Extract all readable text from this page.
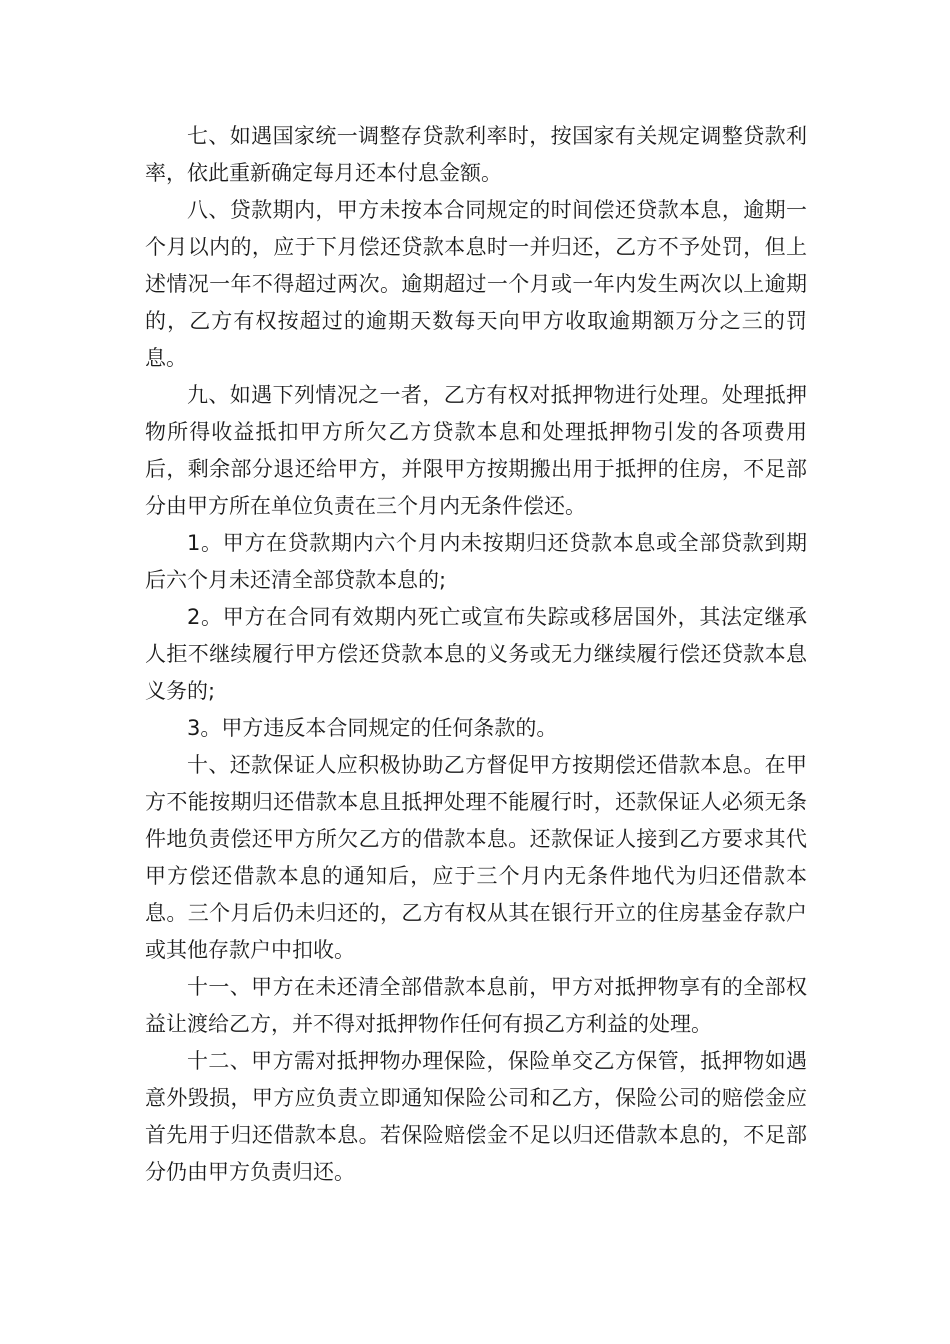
七、如遇国家统一调整存贷款利率时，按国家有关规定调整贷款利率，依此重新确定每月还本付息金额。

八、贷款期内，甲方未按本合同规定的时间偿还贷款本息，逾期一个月以内的，应于下月偿还贷款本息时一并归还，乙方不予处罚，但上述情况一年不得超过两次。逾期超过一个月或一年内发生两次以上逾期的，乙方有权按超过的逾期天数每天向甲方收取逾期额万分之三的罚息。

九、如遇下列情况之一者，乙方有权对抵押物进行处理。处理抵押物所得收益抵扣甲方所欠乙方贷款本息和处理抵押物引发的各项费用后，剩余部分退还给甲方，并限甲方按期搬出用于抵押的住房，不足部分由甲方所在单位负责在三个月内无条件偿还。

1。甲方在贷款期内六个月内未按期归还贷款本息或全部贷款到期后六个月未还清全部贷款本息的;

2。甲方在合同有效期内死亡或宣布失踪或移居国外，其法定继承人拒不继续履行甲方偿还贷款本息的义务或无力继续履行偿还贷款本息义务的;

3。甲方违反本合同规定的任何条款的。

十、还款保证人应积极协助乙方督促甲方按期偿还借款本息。在甲方不能按期归还借款本息且抵押处理不能履行时，还款保证人必须无条件地负责偿还甲方所欠乙方的借款本息。还款保证人接到乙方要求其代甲方偿还借款本息的通知后，应于三个月内无条件地代为归还借款本息。三个月后仍未归还的，乙方有权从其在银行开立的住房基金存款户或其他存款户中扣收。

十一、甲方在未还清全部借款本息前，甲方对抵押物享有的全部权益让渡给乙方，并不得对抵押物作任何有损乙方利益的处理。

十二、甲方需对抵押物办理保险，保险单交乙方保管，抵押物如遇意外毁损，甲方应负责立即通知保险公司和乙方，保险公司的赔偿金应首先用于归还借款本息。若保险赔偿金不足以归还借款本息的，不足部分仍由甲方负责归还。
